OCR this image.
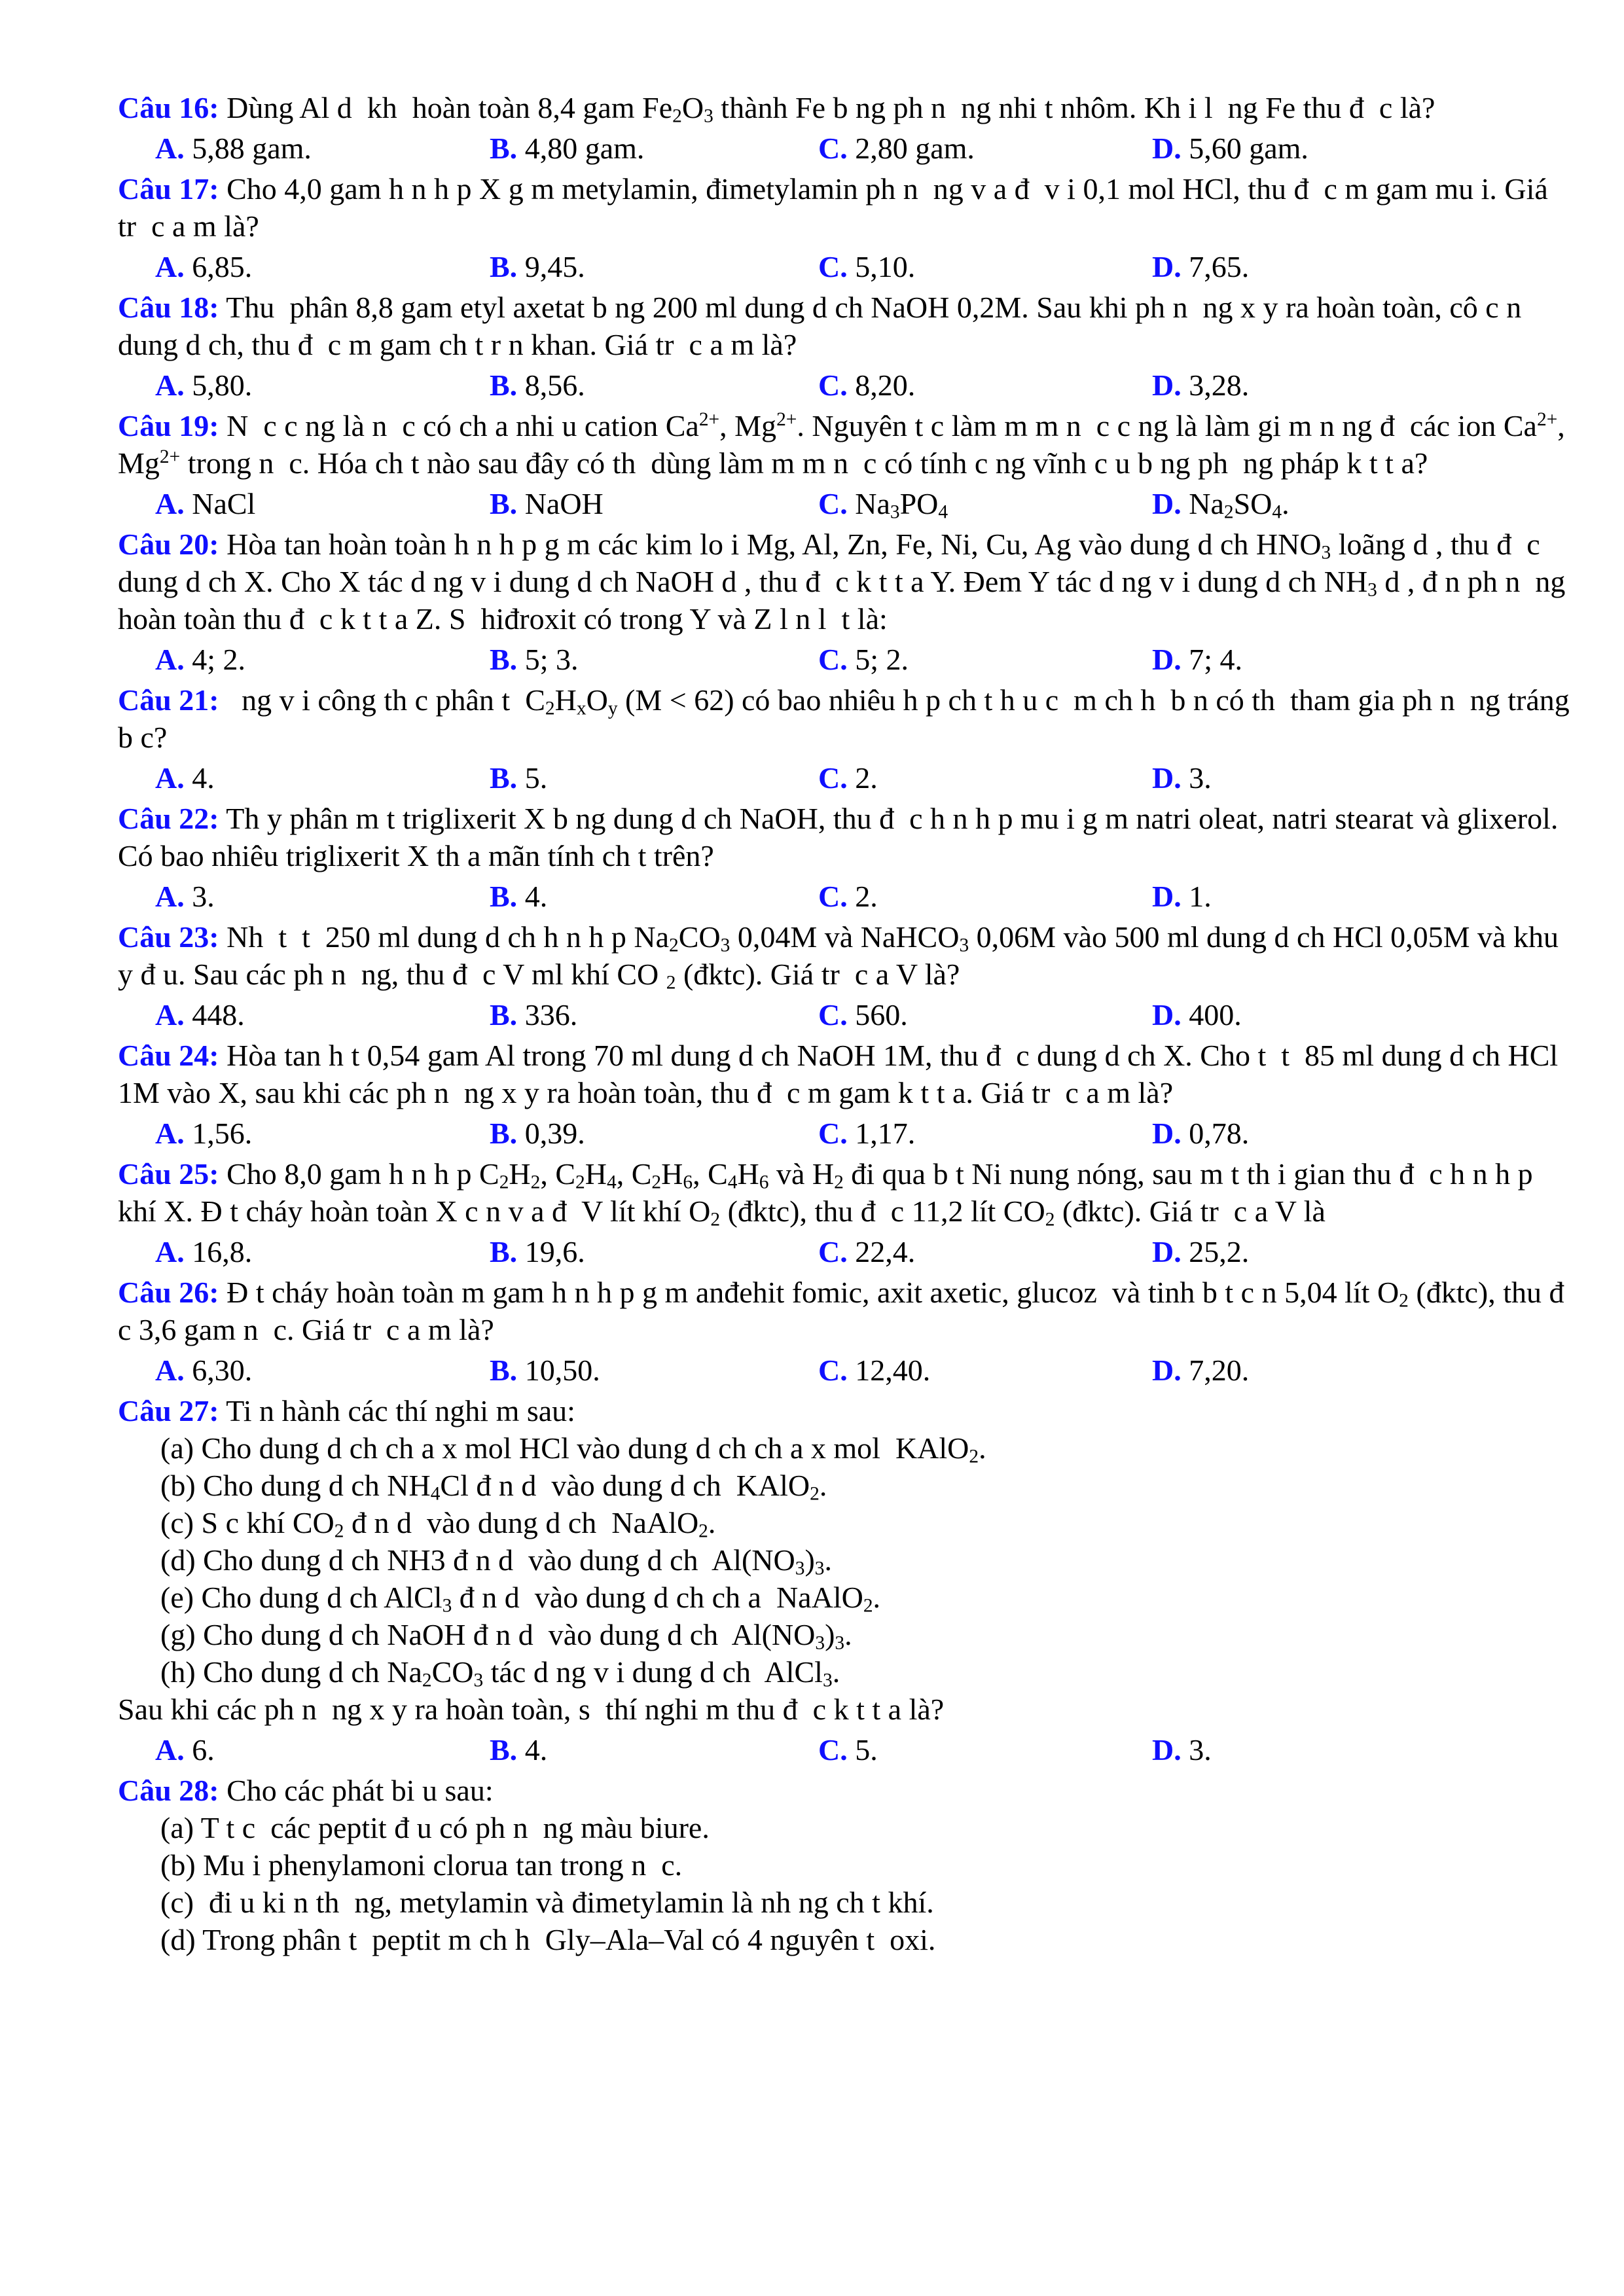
Câu 16: Dùng Al d  kh  hoàn toàn 8,4 gam $Fe_2O_3$ thành Fe b ng ph n  ng nhi t nhôm. Kh i l  ng Fe thu đ  c là?

A. 5,88 gam.	B. 4,80 gam.	C. 2,80 gam.	D. 5,60 gam.

Câu 17: Cho 4,0 gam h n h p X g m metylamin, đimetylamin ph n  ng v a đ  v i 0,1 mol HCl, thu đ  c m gam mu i. Giá tr  c a m là?

A. 6,85.	B. 9,45.	C. 5,10.	D. 7,65.

Câu 18: Thu  phân 8,8 gam etyl axetat b ng 200 ml dung d ch NaOH 0,2M. Sau khi ph n  ng x y ra hoàn toàn, cô c n dung d ch, thu đ  c m gam ch t r n khan. Giá tr  c a m là?

A. 5,80.	B. 8,56.	C. 8,20.	D. 3,28.

Câu 19: N  c c ng là n  c có ch a nhi u cation $Ca^{2+}$, $Mg^{2+}$. Nguyên t c làm m m n  c c ng là làm gi m n ng đ  các ion $Ca^{2+}$, $Mg^{2+}$ trong n  c. Hóa ch t nào sau đây có th  dùng làm m m n  c có tính c ng vĩnh c u b ng ph  ng pháp k t t a?

A. NaCl	B. NaOH	C. $Na_3PO_4$	D. $Na_2SO_4$.

Câu 20: Hòa tan hoàn toàn h n h p g m các kim lo i Mg, Al, Zn, Fe, Ni, Cu, Ag vào dung d ch $HNO_3$ loãng d , thu đ  c dung d ch X. Cho X tác d ng v i dung d ch NaOH d , thu đ  c k t t a Y. Đem Y tác d ng v i dung d ch $NH_3$ d , đ n ph n  ng hoàn toàn thu đ  c k t t a Z. S  hiđroxit có trong Y và Z l n l  t là:

A. 4; 2.	B. 5; 3.	C. 5; 2.	D. 7; 4.

Câu 21:   ng v i công th c phân t  $C_2H_xO_y$ (M < 62) có bao nhiêu h p ch t h u c  m ch h  b n có th  tham gia ph n  ng tráng b c?

A. 4.	B. 5.	C. 2.	D. 3.

Câu 22: Th y phân m t triglixerit X b ng dung d ch NaOH, thu đ  c h n h p mu i g m natri oleat, natri stearat và glixerol. Có bao nhiêu triglixerit X th a mãn tính ch t trên?

A. 3.	B. 4.	C. 2.	D. 1.

Câu 23: Nh  t  t  250 ml dung d ch h n h p $Na_2CO_3$ 0,04M và NaHCO$_3$ 0,06M vào 500 ml dung d ch HCl 0,05M và khu y đ u. Sau các ph n  ng, thu đ  c V ml khí CO $_2$ (đktc). Giá tr  c a V là?

A. 448.	B. 336.	C. 560.	D. 400.

Câu 24: Hòa tan h t 0,54 gam Al trong 70 ml dung d ch NaOH 1M, thu đ  c dung d ch X. Cho t  t  85 ml dung d ch HCl 1M vào X, sau khi các ph n  ng x y ra hoàn toàn, thu đ  c m gam k t t a. Giá tr  c a m là?

A. 1,56.	B. 0,39.	C. 1,17.	D. 0,78.

Câu 25: Cho 8,0 gam h n h p $C_2H_2$, $C_2H_4$, $C_2H_6$, $C_4H_6$ và $H_2$ đi qua b t Ni nung nóng, sau m t th i gian thu đ  c h n h p khí X. Đ t cháy hoàn toàn X c n v a đ  V lít khí $O_2$ (đktc), thu đ  c 11,2 lít $CO_2$ (đktc). Giá tr  c a V là

A. 16,8.	B. 19,6.	C. 22,4.	D. 25,2.

Câu 26: Đ t cháy hoàn toàn m gam h n h p g m anđehit fomic, axit axetic, glucoz  và tinh b t c n 5,04 lít $O_2$ (đktc), thu đ  c 3,6 gam n  c. Giá tr  c a m là?

A. 6,30.	B. 10,50.	C. 12,40.	D. 7,20.

Câu 27: Ti n hành các thí nghi m sau:

(a) Cho dung d ch ch a x mol HCl vào dung d ch ch a x mol  KAlO$_2$.

(b) Cho dung d ch $NH_4Cl$ đ n d  vào dung d ch  KAlO$_2$.

(c) S c khí $CO_2$ đ n d  vào dung d ch  NaAlO$_2$.

(d) Cho dung d ch NH3 đ n d  vào dung d ch  $Al(NO_3)_3$.

(e) Cho dung d ch AlCl$_3$ đ n d  vào dung d ch ch a  NaAlO$_2$.

(g) Cho dung d ch NaOH đ n d  vào dung d ch  $Al(NO_3)_3$.

(h) Cho dung d ch $Na_2CO_3$ tác d ng v i dung d ch  AlCl$_3$.

Sau khi các ph n  ng x y ra hoàn toàn, s  thí nghi m thu đ  c k t t a là?

A. 6.	B. 4.	C. 5.	D. 3.

Câu 28: Cho các phát bi u sau:

(a) T t c  các peptit đ u có ph n  ng màu biure.

(b) Mu i phenylamoni clorua tan trong n  c.

(c)  đi u ki n th  ng, metylamin và đimetylamin là nh ng ch t khí.

(d) Trong phân t  peptit m ch h  Gly–Ala–Val có 4 nguyên t  oxi.
